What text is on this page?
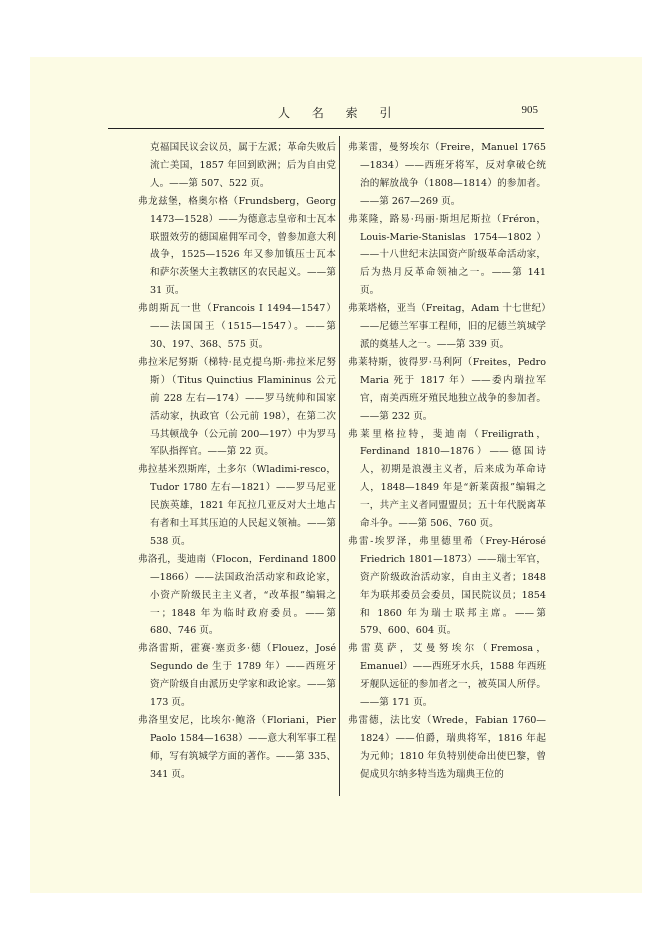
人 名 索 引	905

克福国民议会议员，属于左派；革命失败后流亡美国，1857 年回到欧洲；后为自由党人。——第 507、522 页。

弗龙兹堡，格奥尔格（Frundsberg，Georg 1473—1528）——为德意志皇帝和士瓦本联盟效劳的德国雇佣军司令，曾参加意大利战争，1525—1526 年又参加镇压士瓦本和萨尔茨堡大主教辖区的农民起义。——第 31 页。

弗朗斯瓦一世（Francois I 1494—1547）——法国国王（1515—1547）。——第 30、197、368、575 页。

弗拉米尼努斯（梯特·昆克提乌斯·弗拉米尼努斯）（Titus Quinctius Flamininus 公元前 228 左右—174）——罗马统帅和国家活动家，执政官（公元前 198），在第二次马其顿战争（公元前 200—197）中为罗马军队指挥官。——第 22 页。

弗拉基米烈斯库，土多尔（Wladimi-resco，Tudor 1780 左右—1821）——罗马尼亚民族英雄，1821 年瓦拉几亚反对大土地占有者和土耳其压迫的人民起义领袖。——第 538 页。

弗洛孔，斐迪南（Flocon，Ferdinand 1800—1866）——法国政治活动家和政论家，小资产阶级民主主义者，“改革报”编辑之一；1848 年为临时政府委员。——第 680、746 页。

弗洛雷斯，霍赛·塞贡多·德（Flouez，José Segundo de 生于 1789 年）——西班牙资产阶级自由派历史学家和政论家。——第 173 页。

弗洛里安尼，比埃尔·鲍洛（Floriani，Pier Paolo 1584—1638）——意大利军事工程师，写有筑城学方面的著作。——第 335、341 页。

弗莱雷，曼努埃尔（Freire，Manuel 1765—1834）——西班牙将军，反对拿破仑统治的解放战争（1808—1814）的参加者。——第 267—269 页。

弗莱隆，路易·玛丽·斯坦尼斯拉（Fréron，Louis-Marie-Stanislas 1754—1802）——十八世纪末法国资产阶级革命活动家，后为热月反革命领袖之一。——第 141 页。

弗莱塔格，亚当（Freitag，Adam 十七世纪）——尼德兰军事工程师，旧的尼德兰筑城学派的奠基人之一。——第 339 页。

弗莱特斯，彼得罗·马利阿（Freites，Pedro Maria 死于 1817 年）——委内瑞拉军官，南美西班牙殖民地独立战争的参加者。——第 232 页。

弗莱里格拉特，斐迪南（Freiligrath，Ferdinand 1810—1876）——德国诗人，初期是浪漫主义者，后来成为革命诗人，1848—1849 年是“新莱茵报”编辑之一，共产主义者同盟盟员；五十年代脱离革命斗争。——第 506、760 页。

弗雷-埃罗泽，弗里德里希（Frey-Hérosé Friedrich 1801—1873）——瑞士军官，资产阶级政治活动家，自由主义者；1848 年为联邦委员会委员，国民院议员；1854 和 1860 年为瑞士联邦主席。——第 579、600、604 页。

弗雷莫萨，艾曼努埃尔（Fremosa，Emanuel）——西班牙水兵，1588 年西班牙舰队远征的参加者之一，被英国人所俘。——第 171 页。

弗雷德，法比安（Wrede，Fabian 1760—1824）——伯爵，瑞典将军，1816 年起为元帅；1810 年负特别使命出使巴黎，曾促成贝尔纳多特当选为瑞典王位的
